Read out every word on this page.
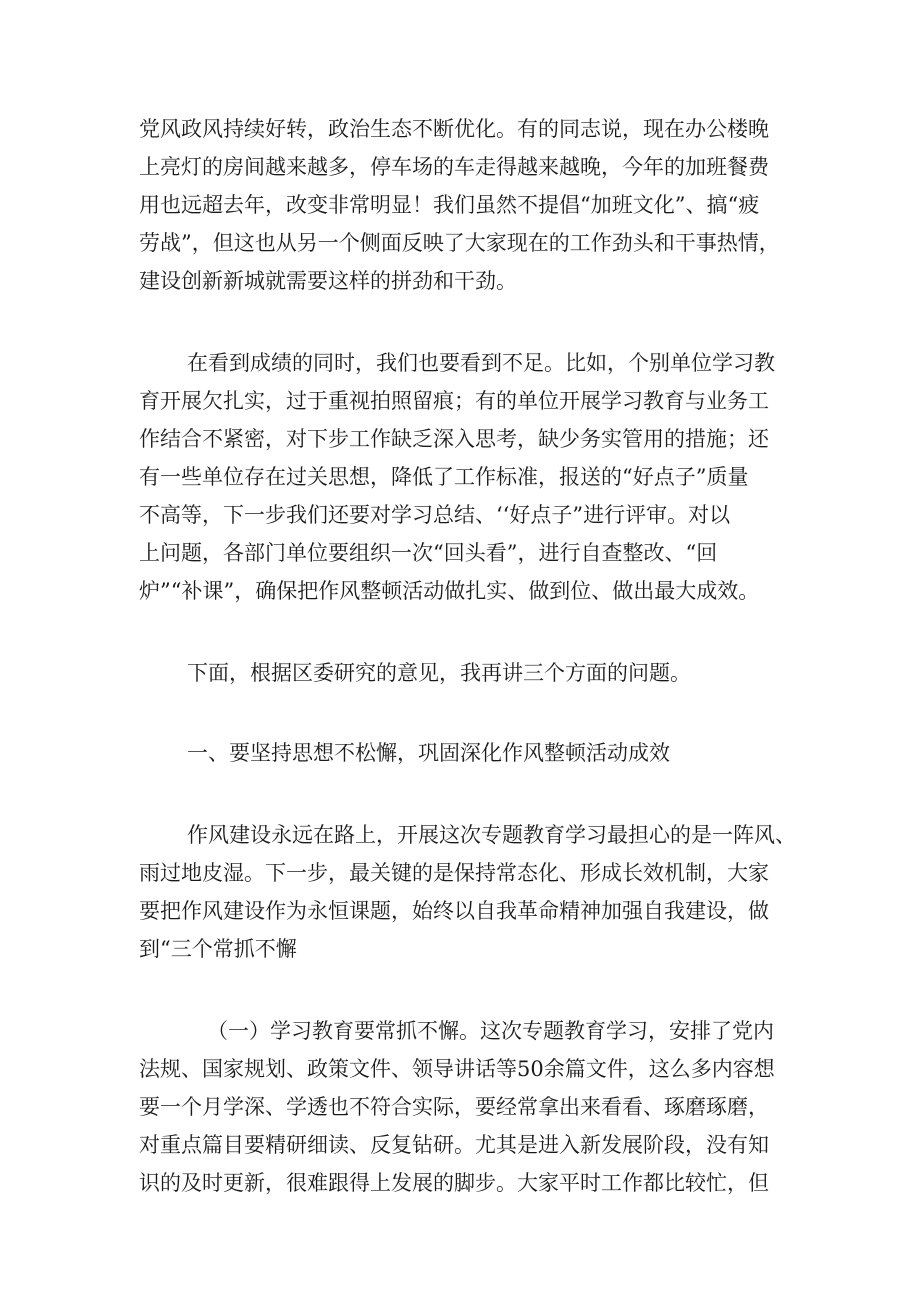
党风政风持续好转，政治生态不断优化。有的同志说，现在办公楼晚
上亮灯的房间越来越多，停车场的车走得越来越晚，今年的加班餐费
用也远超去年，改变非常明显！我们虽然不提倡“加班文化”、搞“疲
劳战”，但这也从另一个侧面反映了大家现在的工作劲头和干事热情，
建设创新新城就需要这样的拼劲和干劲。
在看到成绩的同时，我们也要看到不足。比如，个别单位学习教
育开展欠扎实，过于重视拍照留痕；有的单位开展学习教育与业务工
作结合不紧密，对下步工作缺乏深入思考，缺少务实管用的措施；还
有一些单位存在过关思想，降低了工作标准，报送的“好点子”质量
不高等，下一步我们还要对学习总结、‘‘好点子”进行评审。对以
上问题，各部门单位要组织一次“回头看”，进行自查整改、“回
炉”“补课”，确保把作风整顿活动做扎实、做到位、做出最大成效。
下面，根据区委研究的意见，我再讲三个方面的问题。
一、要坚持思想不松懈，巩固深化作风整顿活动成效
作风建设永远在路上，开展这次专题教育学习最担心的是一阵风、
雨过地皮湿。下一步，最关键的是保持常态化、形成长效机制，大家
要把作风建设作为永恒课题，始终以自我革命精神加强自我建设，做
到“三个常抓不懈
（一）学习教育要常抓不懈。这次专题教育学习，安排了党内
法规、国家规划、政策文件、领导讲话等50余篇文件，这么多内容想
要一个月学深、学透也不符合实际，要经常拿出来看看、琢磨琢磨，
对重点篇目要精研细读、反复钻研。尤其是进入新发展阶段，没有知
识的及时更新，很难跟得上发展的脚步。大家平时工作都比较忙，但
